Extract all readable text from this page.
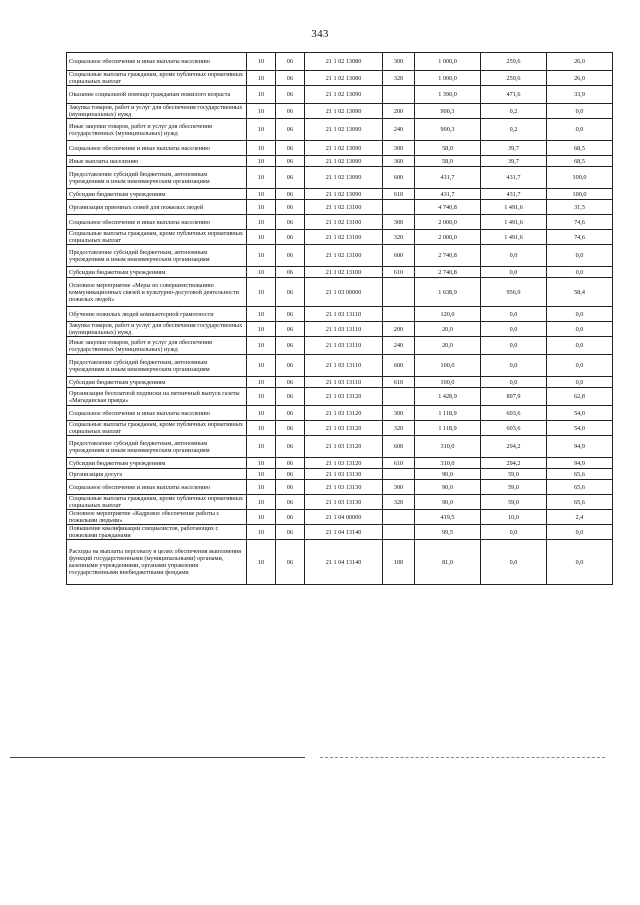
343
Социальное обеспечение и иные выплаты населению	10	06	21 1 02 13080	300	1 000,0	259,6	26,0
Социальные выплаты гражданам, кроме публичных нормативных социальных выплат	10	06	21 1 02 13080	320	1 000,0	259,6	26,0
Оказание социальной помощи гражданам пожилого возраста	10	06	21 1 02 13090		1 390,0	471,6	33,9
Закупка товаров, работ и услуг для обеспечения государственных (муниципальных) нужд	10	06	21 1 02 13090	200	900,3	0,2	0,0
Иные закупки товаров, работ и услуг для обеспечения государственных (муниципальных) нужд	10	06	21 1 02 13090	240	900,3	0,2	0,0
Социальное обеспечение и иные выплаты населению	10	06	21 1 02 13090	300	58,0	39,7	68,5
Иные выплаты населению	10	06	21 1 02 13090	360	58,0	39,7	68,5
Предоставление субсидий бюджетным, автономным учреждениям и иным некоммерческим организациям	10	06	21 1 02 13090	600	431,7	431,7	100,0
Субсидии бюджетным учреждениям	10	06	21 1 02 13090	610	431,7	431,7	100,0
Организация приемных семей для пожилых людей	10	06	21 1 02 13100		4 740,8	1 491,6	31,5
Социальное обеспечение и иные выплаты населению	10	06	21 1 02 13100	300	2 000,0	1 491,6	74,6
Социальные выплаты гражданам, кроме публичных нормативных социальных выплат	10	06	21 1 02 13100	320	2 000,0	1 491,6	74,6
Предоставление субсидий бюджетным, автономным учреждениям и иным некоммерческим организациям	10	06	21 1 02 13100	600	2 740,8	0,0	0,0
Субсидии бюджетным учреждениям	10	06	21 1 02 13100	610	2 740,8	0,0	0,0
Основное мероприятие «Меры по совершенствованию коммуникационных связей и культурно-досуговой деятельности пожилых людей»	10	06	21 1 03 00000		1 638,9	956,9	58,4
Обучение пожилых людей компьютерной грамотности	10	06	21 1 03 13110		120,0	0,0	0,0
Закупка товаров, работ и услуг для обеспечения государственных (муниципальных) нужд	10	06	21 1 03 13110	200	20,0	0,0	0,0
Иные закупки товаров, работ и услуг для обеспечения государственных (муниципальных) нужд	10	06	21 1 03 13110	240	20,0	0,0	0,0
Предоставление субсидий бюджетным, автономным учреждениям и иным некоммерческим организациям	10	06	21 1 03 13110	600	100,0	0,0	0,0
Субсидии бюджетным учреждениям	10	06	21 1 03 13110	610	100,0	0,0	0,0
Организация бесплатной подписки на пятничный выпуск газеты «Магаданская правда»	10	06	21 1 03 13120		1 428,9	897,9	62,8
Социальное обеспечение и иные выплаты населению	10	06	21 1 03 13120	300	1 118,9	603,6	54,0
Социальные выплаты гражданам, кроме публичных нормативных социальных выплат	10	06	21 1 03 13120	320	1 118,9	603,6	54,0
Предоставление субсидий бюджетным, автономным учреждениям и иным некоммерческим организациям	10	06	21 1 03 13120	600	310,0	294,2	94,9
Субсидии бюджетным учреждениям	10	06	21 1 03 13120	610	310,0	294,2	94,9
Организация досуга	10	06	21 1 03 13130		90,0	59,0	65,6
Социальное обеспечение и иные выплаты населению	10	06	21 1 03 13130	300	90,0	59,0	65,6
Социальные выплаты гражданам, кроме публичных нормативных социальных выплат	10	06	21 1 03 13130	320	90,0	59,0	65,6
Основное мероприятие «Кадровое обеспечение работы с пожилыми людьми»	10	06	21 1 04 00000		419,5	10,0	2,4
Повышение квалификации специалистов, работающих с пожилыми гражданами	10	06	21 1 04 13140		99,5	0,0	0,0
Расходы на выплаты персоналу в целях обеспечения выполнения функций государственными (муниципальными) органами, казенными учреждениями, органами управления государственными внебюджетными фондами	10	06	21 1 04 13140	100	81,0	0,0	0,0
